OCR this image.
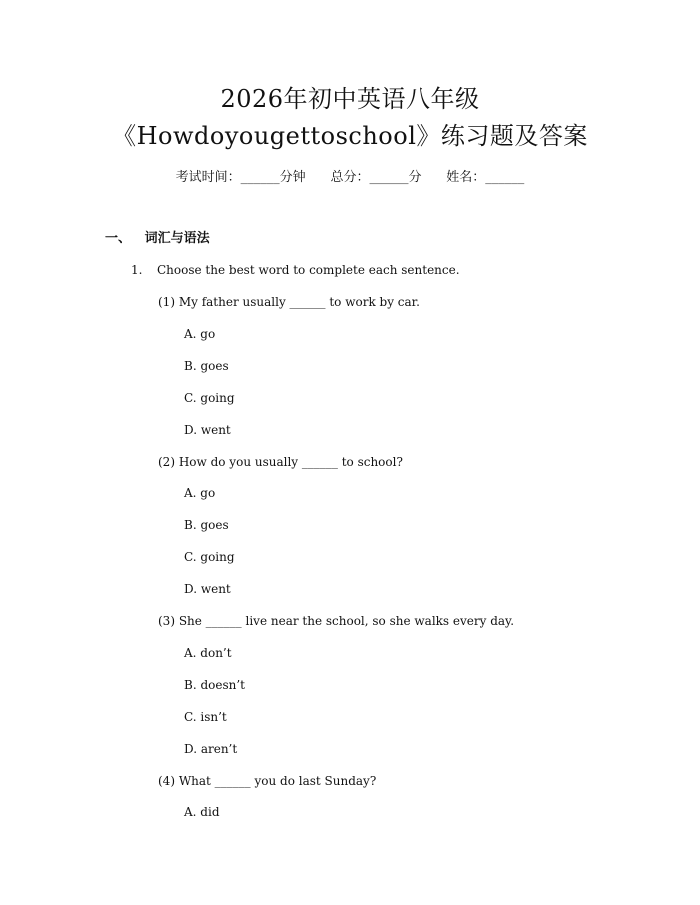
2026年初中英语八年级
《Howdoyougettoschool》练习题及答案
考试时间：______分钟 总分：______分 姓名：______
一、 词汇与语法
1. Choose the best word to complete each sentence.
(1) My father usually ______ to work by car.
A. go
B. goes
C. going
D. went
(2) How do you usually ______ to school?
A. go
B. goes
C. going
D. went
(3) She ______ live near the school, so she walks every day.
A. don’t
B. doesn’t
C. isn’t
D. aren’t
(4) What ______ you do last Sunday?
A. did
